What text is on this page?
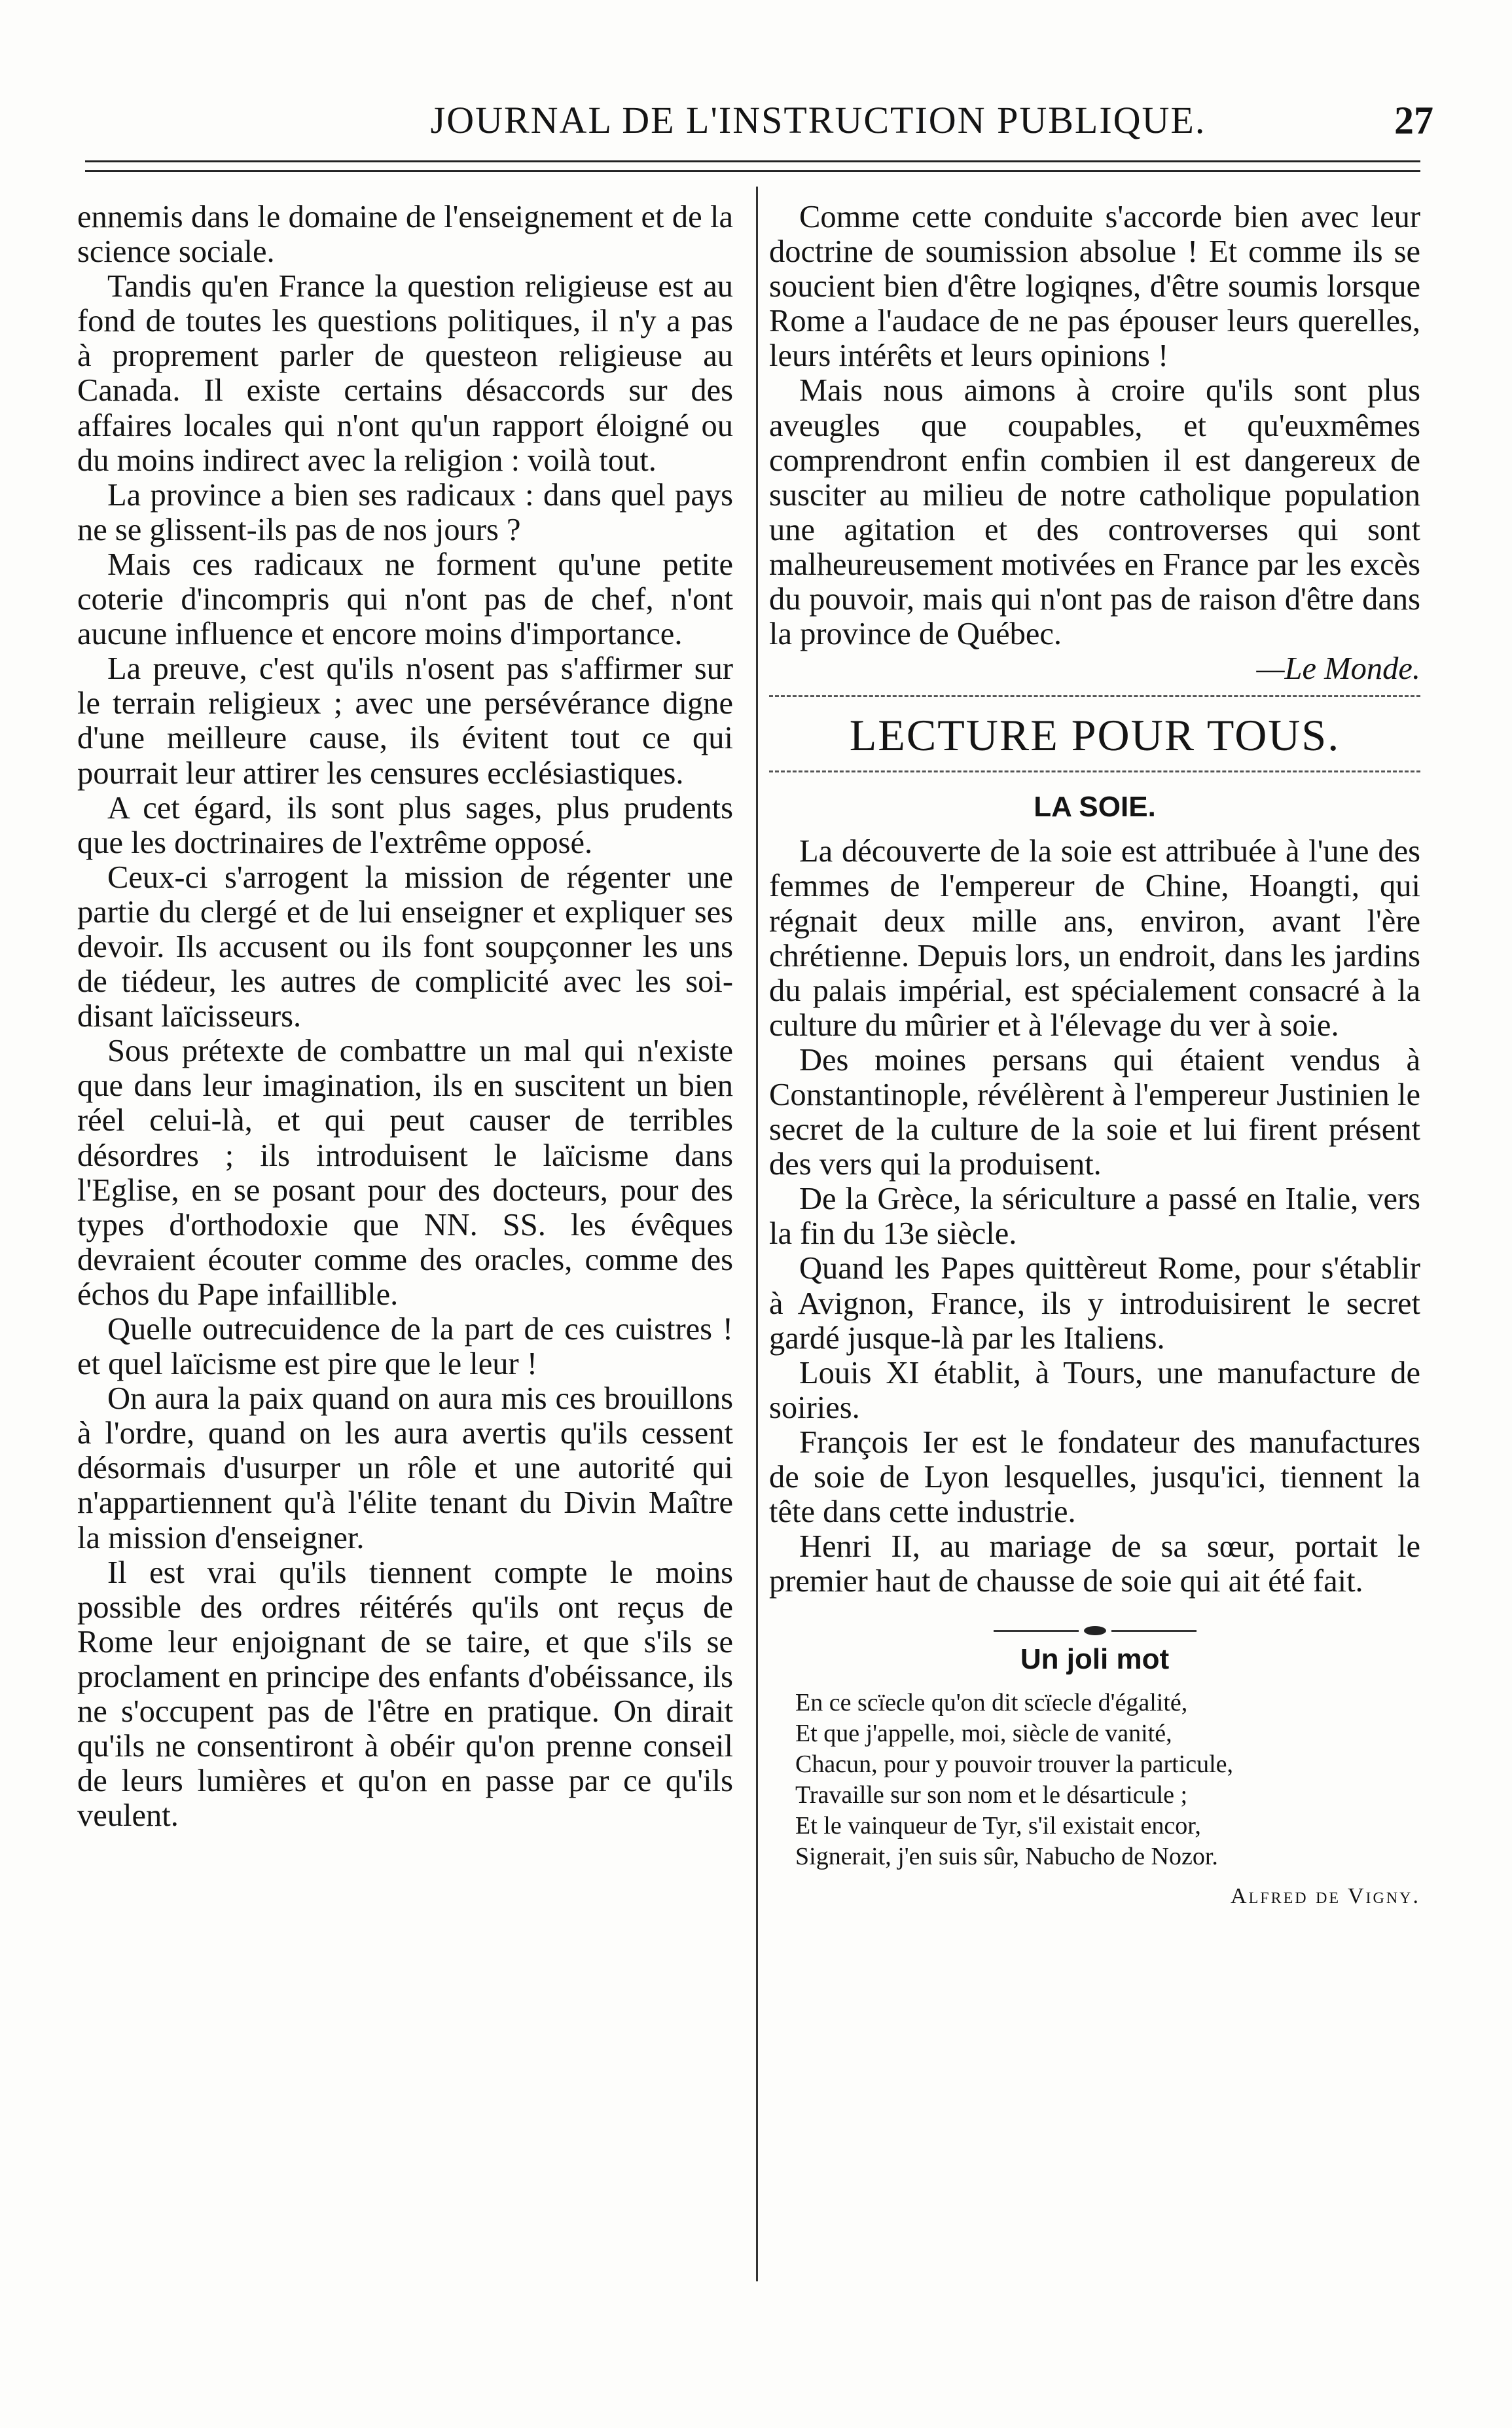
JOURNAL DE L'INSTRUCTION PUBLIQUE.	27

ennemis dans le domaine de l'enseignement et de la science sociale.

Tandis qu'en France la question religieuse est au fond de toutes les questions politiques, il n'y a pas à proprement parler de questeon religieuse au Canada. Il existe certains désaccords sur des affaires locales qui n'ont qu'un rapport éloigné ou du moins indirect avec la religion : voilà tout.

La province a bien ses radicaux : dans quel pays ne se glissent-ils pas de nos jours ?

Mais ces radicaux ne forment qu'une petite coterie d'incompris qui n'ont pas de chef, n'ont aucune influence et encore moins d'importance.

La preuve, c'est qu'ils n'osent pas s'affirmer sur le terrain religieux ; avec une persévérance digne d'une meilleure cause, ils évitent tout ce qui pourrait leur attirer les censures ecclésiastiques.

A cet égard, ils sont plus sages, plus prudents que les doctrinaires de l'extrême opposé.

Ceux-ci s'arrogent la mission de régenter une partie du clergé et de lui enseigner et expliquer ses devoir. Ils accusent ou ils font soupçonner les uns de tiédeur, les autres de complicité avec les soi-disant laïcisseurs.

Sous prétexte de combattre un mal qui n'existe que dans leur imagination, ils en suscitent un bien réel celui-là, et qui peut causer de terribles désordres ; ils introduisent le laïcisme dans l'Eglise, en se posant pour des docteurs, pour des types d'orthodoxie que NN. SS. les évêques devraient écouter comme des oracles, comme des échos du Pape infaillible.

Quelle outrecuidence de la part de ces cuistres ! et quel laïcisme est pire que le leur !

On aura la paix quand on aura mis ces brouillons à l'ordre, quand on les aura avertis qu'ils cessent désormais d'usurper un rôle et une autorité qui n'appartiennent qu'à l'élite tenant du Divin Maître la mission d'enseigner.

Il est vrai qu'ils tiennent compte le moins possible des ordres réitérés qu'ils ont reçus de Rome leur enjoignant de se taire, et que s'ils se proclament en principe des enfants d'obéissance, ils ne s'occupent pas de l'être en pratique. On dirait qu'ils ne consentiront à obéir qu'on prenne conseil de leurs lumières et qu'on en passe par ce qu'ils veulent.

Comme cette conduite s'accorde bien avec leur doctrine de soumission absolue ! Et comme ils se soucient bien d'être logiqnes, d'être soumis lorsque Rome a l'audace de ne pas épouser leurs querelles, leurs intérêts et leurs opinions !

Mais nous aimons à croire qu'ils sont plus aveugles que coupables, et qu'euxmêmes comprendront enfin combien il est dangereux de susciter au milieu de notre catholique population une agitation et des controverses qui sont malheureusement motivées en France par les excès du pouvoir, mais qui n'ont pas de raison d'être dans la province de Québec.

—Le Monde.

LECTURE POUR TOUS.
LA SOIE.

La découverte de la soie est attribuée à l'une des femmes de l'empereur de Chine, Hoangti, qui régnait deux mille ans, environ, avant l'ère chrétienne. Depuis lors, un endroit, dans les jardins du palais impérial, est spécialement consacré à la culture du mûrier et à l'élevage du ver à soie.

Des moines persans qui étaient vendus à Constantinople, révélèrent à l'empereur Justinien le secret de la culture de la soie et lui firent présent des vers qui la produisent.

De la Grèce, la sériculture a passé en Italie, vers la fin du 13e siècle.

Quand les Papes quittèreut Rome, pour s'établir à Avignon, France, ils y introduisirent le secret gardé jusque-là par les Italiens.

Louis XI établit, à Tours, une manufacture de soiries.

François Ier est le fondateur des manufactures de soie de Lyon lesquelles, jusqu'ici, tiennent la tête dans cette industrie.

Henri II, au mariage de sa sœur, portait le premier haut de chausse de soie qui ait été fait.

Un joli mot
En ce scïecle qu'on dit scïecle d'égalité,
Et que j'appelle, moi, siècle de vanité,
Chacun, pour y pouvoir trouver la particule,
Travaille sur son nom et le désarticule ;
Et le vainqueur de Tyr, s'il existait encor,
Signerait, j'en suis sûr, Nabucho de Nozor.
Alfred de Vigny.
